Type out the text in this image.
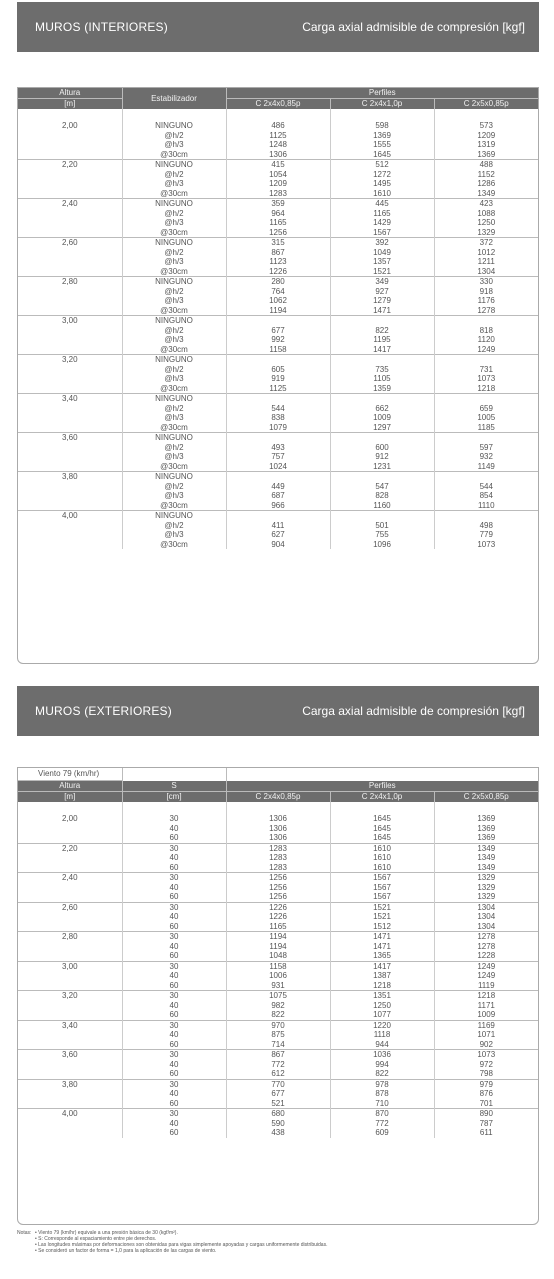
MUROS (INTERIORES)	Carga axial admisible de compresión [kgf]
Altura	Estabilizador	Perfiles		
[m]		C 2x4x0,85p	C 2x4x1,0p	C 2x5x0,85p

2,00	NINGUNO	486	598	573
	@h/2	1125	1369	1209
	@h/3	1248	1555	1319
	@30cm	1306	1645	1369
2,20	NINGUNO	415	512	488
	@h/2	1054	1272	1152
	@h/3	1209	1495	1286
	@30cm	1283	1610	1349
2,40	NINGUNO	359	445	423
	@h/2	964	1165	1088
	@h/3	1165	1429	1250
	@30cm	1256	1567	1329
2,60	NINGUNO	315	392	372
	@h/2	867	1049	1012
	@h/3	1123	1357	1211
	@30cm	1226	1521	1304
2,80	NINGUNO	280	349	330
	@h/2	764	927	918
	@h/3	1062	1279	1176
	@30cm	1194	1471	1278
3,00	NINGUNO			
	@h/2	677	822	818
	@h/3	992	1195	1120
	@30cm	1158	1417	1249
3,20	NINGUNO			
	@h/2	605	735	731
	@h/3	919	1105	1073
	@30cm	1125	1359	1218
3,40	NINGUNO			
	@h/2	544	662	659
	@h/3	838	1009	1005
	@30cm	1079	1297	1185
3,60	NINGUNO			
	@h/2	493	600	597
	@h/3	757	912	932
	@30cm	1024	1231	1149
3,80	NINGUNO			
	@h/2	449	547	544
	@h/3	687	828	854
	@30cm	966	1160	1110
4,00	NINGUNO			
	@h/2	411	501	498
	@h/3	627	755	779
	@30cm	904	1096	1073
MUROS (EXTERIORES)	Carga axial admisible de compresión [kgf]
Viento 79 (km/hr)				
Altura	S	Perfiles		
[m]	[cm]	C 2x4x0,85p	C 2x4x1,0p	C 2x5x0,85p

2,00	30	1306	1645	1369
	40	1306	1645	1369
	60	1306	1645	1369
2,20	30	1283	1610	1349
	40	1283	1610	1349
	60	1283	1610	1349
2,40	30	1256	1567	1329
	40	1256	1567	1329
	60	1256	1567	1329
2,60	30	1226	1521	1304
	40	1226	1521	1304
	60	1165	1512	1304
2,80	30	1194	1471	1278
	40	1194	1471	1278
	60	1048	1365	1228
3,00	30	1158	1417	1249
	40	1006	1387	1249
	60	931	1218	1119
3,20	30	1075	1351	1218
	40	982	1250	1171
	60	822	1077	1009
3,40	30	970	1220	1169
	40	875	1118	1071
	60	714	944	902
3,60	30	867	1036	1073
	40	772	994	972
	60	612	822	798
3,80	30	770	978	979
	40	677	878	876
	60	521	710	701
4,00	30	680	870	890
	40	590	772	787
	60	438	609	611
Notas: • Viento 79 (km/hr) equivale a una presión básica de 30 (kgf/m²).
• S: Corresponde al espaciamiento entre pie derechos.
• Las longitudes máximas por deformaciones son obtenidas para vigas simplemente apoyadas y cargas uniformemente distribuidas.
• Se consideró un factor de forma = 1,0 para la aplicación de las cargas de viento.
